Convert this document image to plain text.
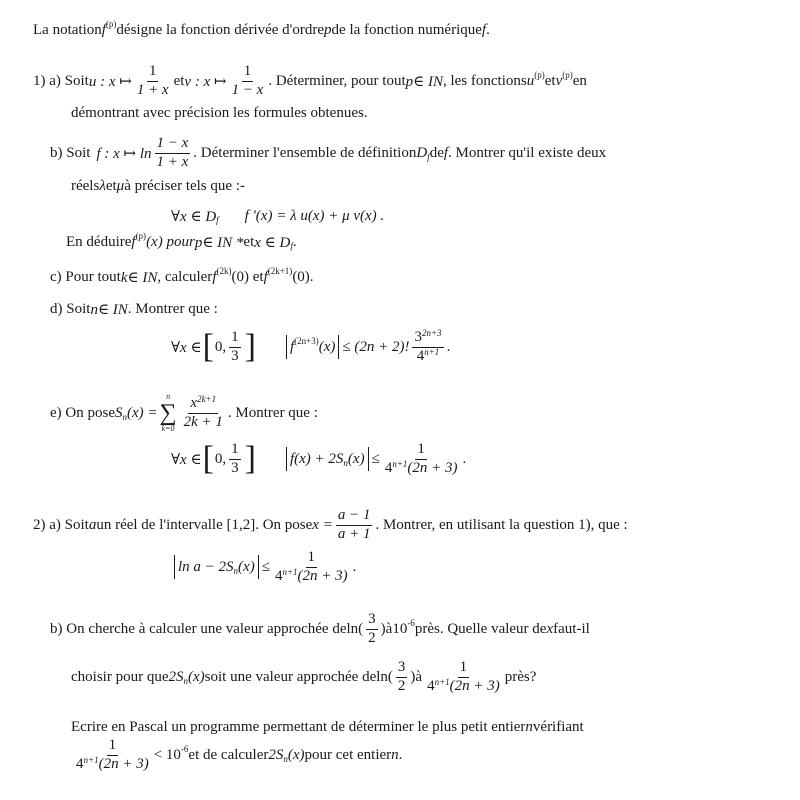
La notation $f^{(p)}$ désigne la fonction dérivée d'ordre p de la fonction numérique f .
1) a) Soit u : x ↦ $\frac{1}{1 + x}$ et v : x ↦ $\frac{1}{1 - x}$ . Déterminer, pour tout p∈ IN , les fonctions $u^{(p)}$ et $v^{(p)}$ en
démontrant avec précision les formules obtenues.
b) Soit f : x ↦ $\ln \frac{1 - x}{1 + x}$ . Déterminer l'ensemble de définition $D_f$ de f . Montrer qu'il existe deux
réels λ et μ à préciser tels que :-
∀x ∈ $D_f$ f '(x) = λ u(x) + μ v(x) .
En déduire $f^{(p)}$ (x) pour p∈ IN * et x ∈ $D_f$ .
c) Pour tout k∈ IN , calculer $f^{(2k)}$ (0) et $f^{(2k+1)}$ (0).
d) Soit n∈ IN . Montrer que :
∀x ∈ [ 0, $\frac{1}{3}$ ] $f^{(2n+3)}$ (x) ≤ (2n + 2)! $\frac{3^{2n+3}}{4^{n+1}}$ .
e) On pose $S_n$ (x) =
n
∑
$k=0 \frac{x^{2k+1}}{2k + 1}$ . Montrer que :
∀x ∈ [ 0, $\frac{1}{3}$ ] $f(x) + 2S_n$ $(x) \le \frac{1}{4^{n+1} (2n + 3)}$ .
2) a) Soit a un réel de l'intervalle [1,2]. On pose $x = \frac{a - 1}{a + 1}$ . Montrer, en utilisant la question 1), que :
$\ln a - 2S_n$ $(x) \le \frac{1}{4^{n+1} (2n + 3)}$ .
b) On cherche à calculer une valeur approchée de $\ln( \frac{3}{2}$ ) à $10^{-6}$ près. Quelle valeur de x faut-il
choisir pour que $2S_n$ (x) soit une valeur approchée de $\ln( \frac{3}{2}$ ) à $\frac{1}{4^{n+1} (2n + 3)}$ près?
Ecrire en Pascal un programme permettant de déterminer le plus petit entier n vérifiant
$\frac{1}{4^{n+1} (2n + 3)} < 10^{-6}$ et de calculer $2S_n$ (x) pour cet entier n .
